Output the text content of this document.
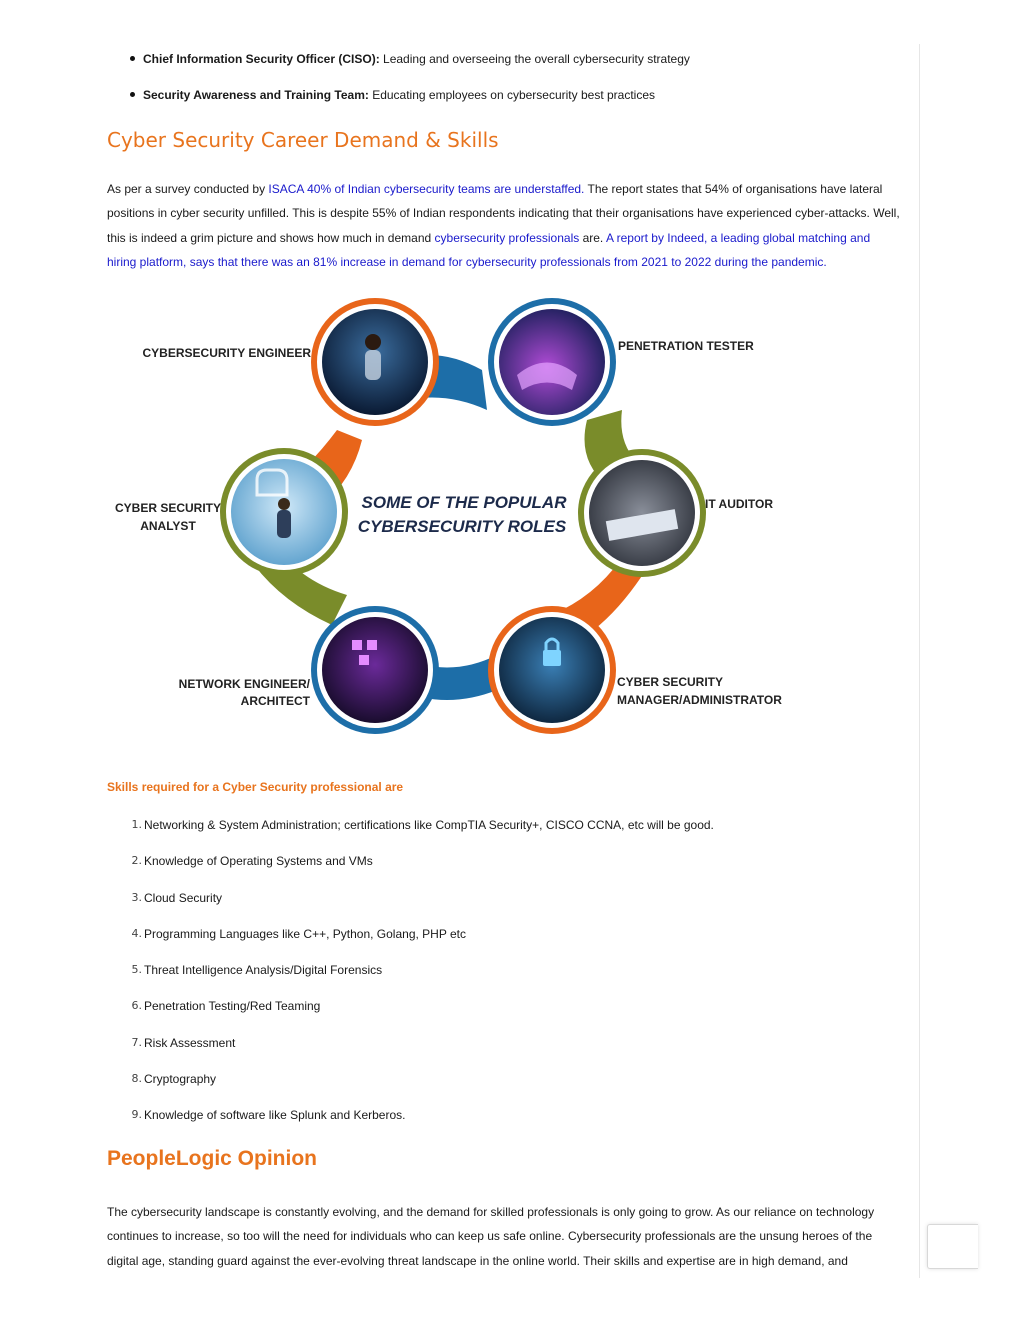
Chief Information Security Officer (CISO): Leading and overseeing the overall cybersecurity strategy
Security Awareness and Training Team: Educating employees on cybersecurity best practices
Cyber Security Career Demand & Skills

As per a survey conducted by ISACA 40% of Indian cybersecurity teams are understaffed. The report states that 54% of organisations have lateral positions in cyber security unfilled. This is despite 55% of Indian respondents indicating that their organisations have experienced cyber-attacks. Well, this is indeed a grim picture and shows how much in demand cybersecurity professionals are. A report by Indeed, a leading global matching and hiring platform, says that there was an 81% increase in demand for cybersecurity professionals from 2021 to 2022 during the pandemic.

SOME OF THE POPULAR
CYBERSECURITY ROLES
CYBERSECURITY ENGINEER	PENETRATION TESTER
CYBER SECURITY
ANALYST
IT AUDITOR
NETWORK ENGINEER/
ARCHITECT
CYBER SECURITY
MANAGER/ADMINISTRATOR
Skills required for a Cyber Security professional are
1. Networking & System Administration; certifications like CompTIA Security+, CISCO CCNA, etc will be good.
2. Knowledge of Operating Systems and VMs
3. Cloud Security
4. Programming Languages like C++, Python, Golang, PHP etc
5. Threat Intelligence Analysis/Digital Forensics
6. Penetration Testing/Red Teaming
7. Risk Assessment
8. Cryptography
9. Knowledge of software like Splunk and Kerberos.
PeopleLogic Opinion

The cybersecurity landscape is constantly evolving, and the demand for skilled professionals is only going to grow. As our reliance on technology continues to increase, so too will the need for individuals who can keep us safe online. Cybersecurity professionals are the unsung heroes of the digital age, standing guard against the ever-evolving threat landscape in the online world. Their skills and expertise are in high demand, and
